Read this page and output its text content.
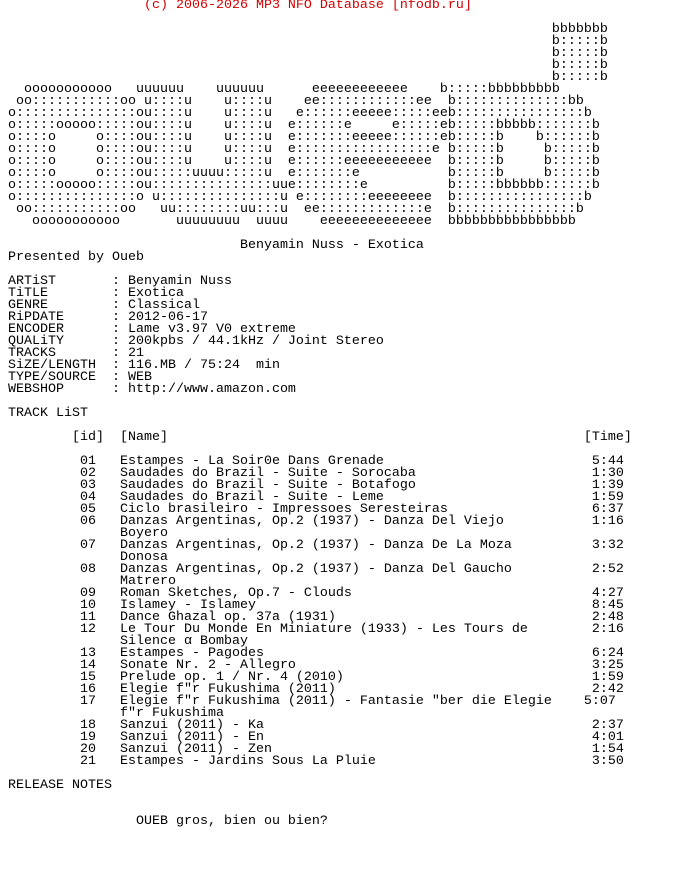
(c) 2006-2026 MP3 NFO Database [nfodb.ru]
bbbbbbb
b:::::b
b:::::b
b:::::b
b:::::b
ooooooooooo   uuuuuu    uuuuuu      eeeeeeeeeeee    b:::::bbbbbbbbb
oo:::::::::::oo u::::u    u::::u    ee::::::::::::ee  b::::::::::::::bb
o:::::::::::::::ou::::u    u::::u   e::::::eeeee:::::eeb::::::::::::::::b
o:::::ooooo:::::ou::::u    u::::u  e::::::e     e:::::eb:::::bbbbb:::::::b
o::::o     o::::ou::::u    u::::u  e:::::::eeeee::::::eb:::::b    b::::::b
o::::o     o::::ou::::u    u::::u  e:::::::::::::::::e b:::::b     b:::::b
o::::o     o::::ou::::u    u::::u  e::::::eeeeeeeeeee  b:::::b     b:::::b
o::::o     o::::ou:::::uuuu:::::u  e:::::::e           b:::::b     b:::::b
o:::::ooooo:::::ou:::::::::::::::uue::::::::e          b:::::bbbbbb::::::b
o:::::::::::::::o u:::::::::::::::u e::::::::eeeeeeee  b::::::::::::::::b
oo:::::::::::oo   uu::::::::uu:::u  ee:::::::::::::e  b:::::::::::::::b
ooooooooooo       uuuuuuuu  uuuu    eeeeeeeeeeeeee  bbbbbbbbbbbbbbbb
Benyamin Nuss - Exotica
Presented by Oueb
ARTiST       : Benyamin Nuss
TiTLE        : Exotica
GENRE        : Classical
RiPDATE      : 2012-06-17
ENCODER      : Lame v3.97 V0 extreme
QUALiTY      : 200kpbs / 44.1kHz / Joint Stereo
TRACKS       : 21
SiZE/LENGTH  : 116.MB / 75:24  min
TYPE/SOURCE  : WEB
WEBSHOP      : http://www.amazon.com
TRACK LiST
[id]  [Name]                                                    [Time]
01   Estampes - La Soir0e Dans Grenade                          5:44
02   Saudades do Brazil - Suite - Sorocaba                      1:30
03   Saudades do Brazil - Suite - Botafogo                      1:39
04   Saudades do Brazil - Suite - Leme                          1:59
05   Ciclo brasileiro - Impressoes Seresteiras                  6:37
06   Danzas Argentinas, Op.2 (1937) - Danza Del Viejo           1:16
Boyero
07   Danzas Argentinas, Op.2 (1937) - Danza De La Moza          3:32
Donosa
08   Danzas Argentinas, Op.2 (1937) - Danza Del Gaucho          2:52
Matrero
09   Roman Sketches, Op.7 - Clouds                              4:27
10   Islamey - Islamey                                          8:45
11   Dance Ghazal op. 37a (1931)                                2:48
12   Le Tour Du Monde En Miniature (1933) - Les Tours de        2:16
Silence α Bombay
13   Estampes - Pagodes                                         6:24
14   Sonate Nr. 2 - Allegro                                     3:25
15   Prelude op. 1 / Nr. 4 (2010)                               1:59
16   Elegie f"r Fukushima (2011)                                2:42
17   Elegie f"r Fukushima (2011) - Fantasie "ber die Elegie    5:07
f"r Fukushima
18   Sanzui (2011) - Ka                                         2:37
19   Sanzui (2011) - En                                         4:01
20   Sanzui (2011) - Zen                                        1:54
21   Estampes - Jardins Sous La Pluie                           3:50
RELEASE NOTES
OUEB gros, bien ou bien?
